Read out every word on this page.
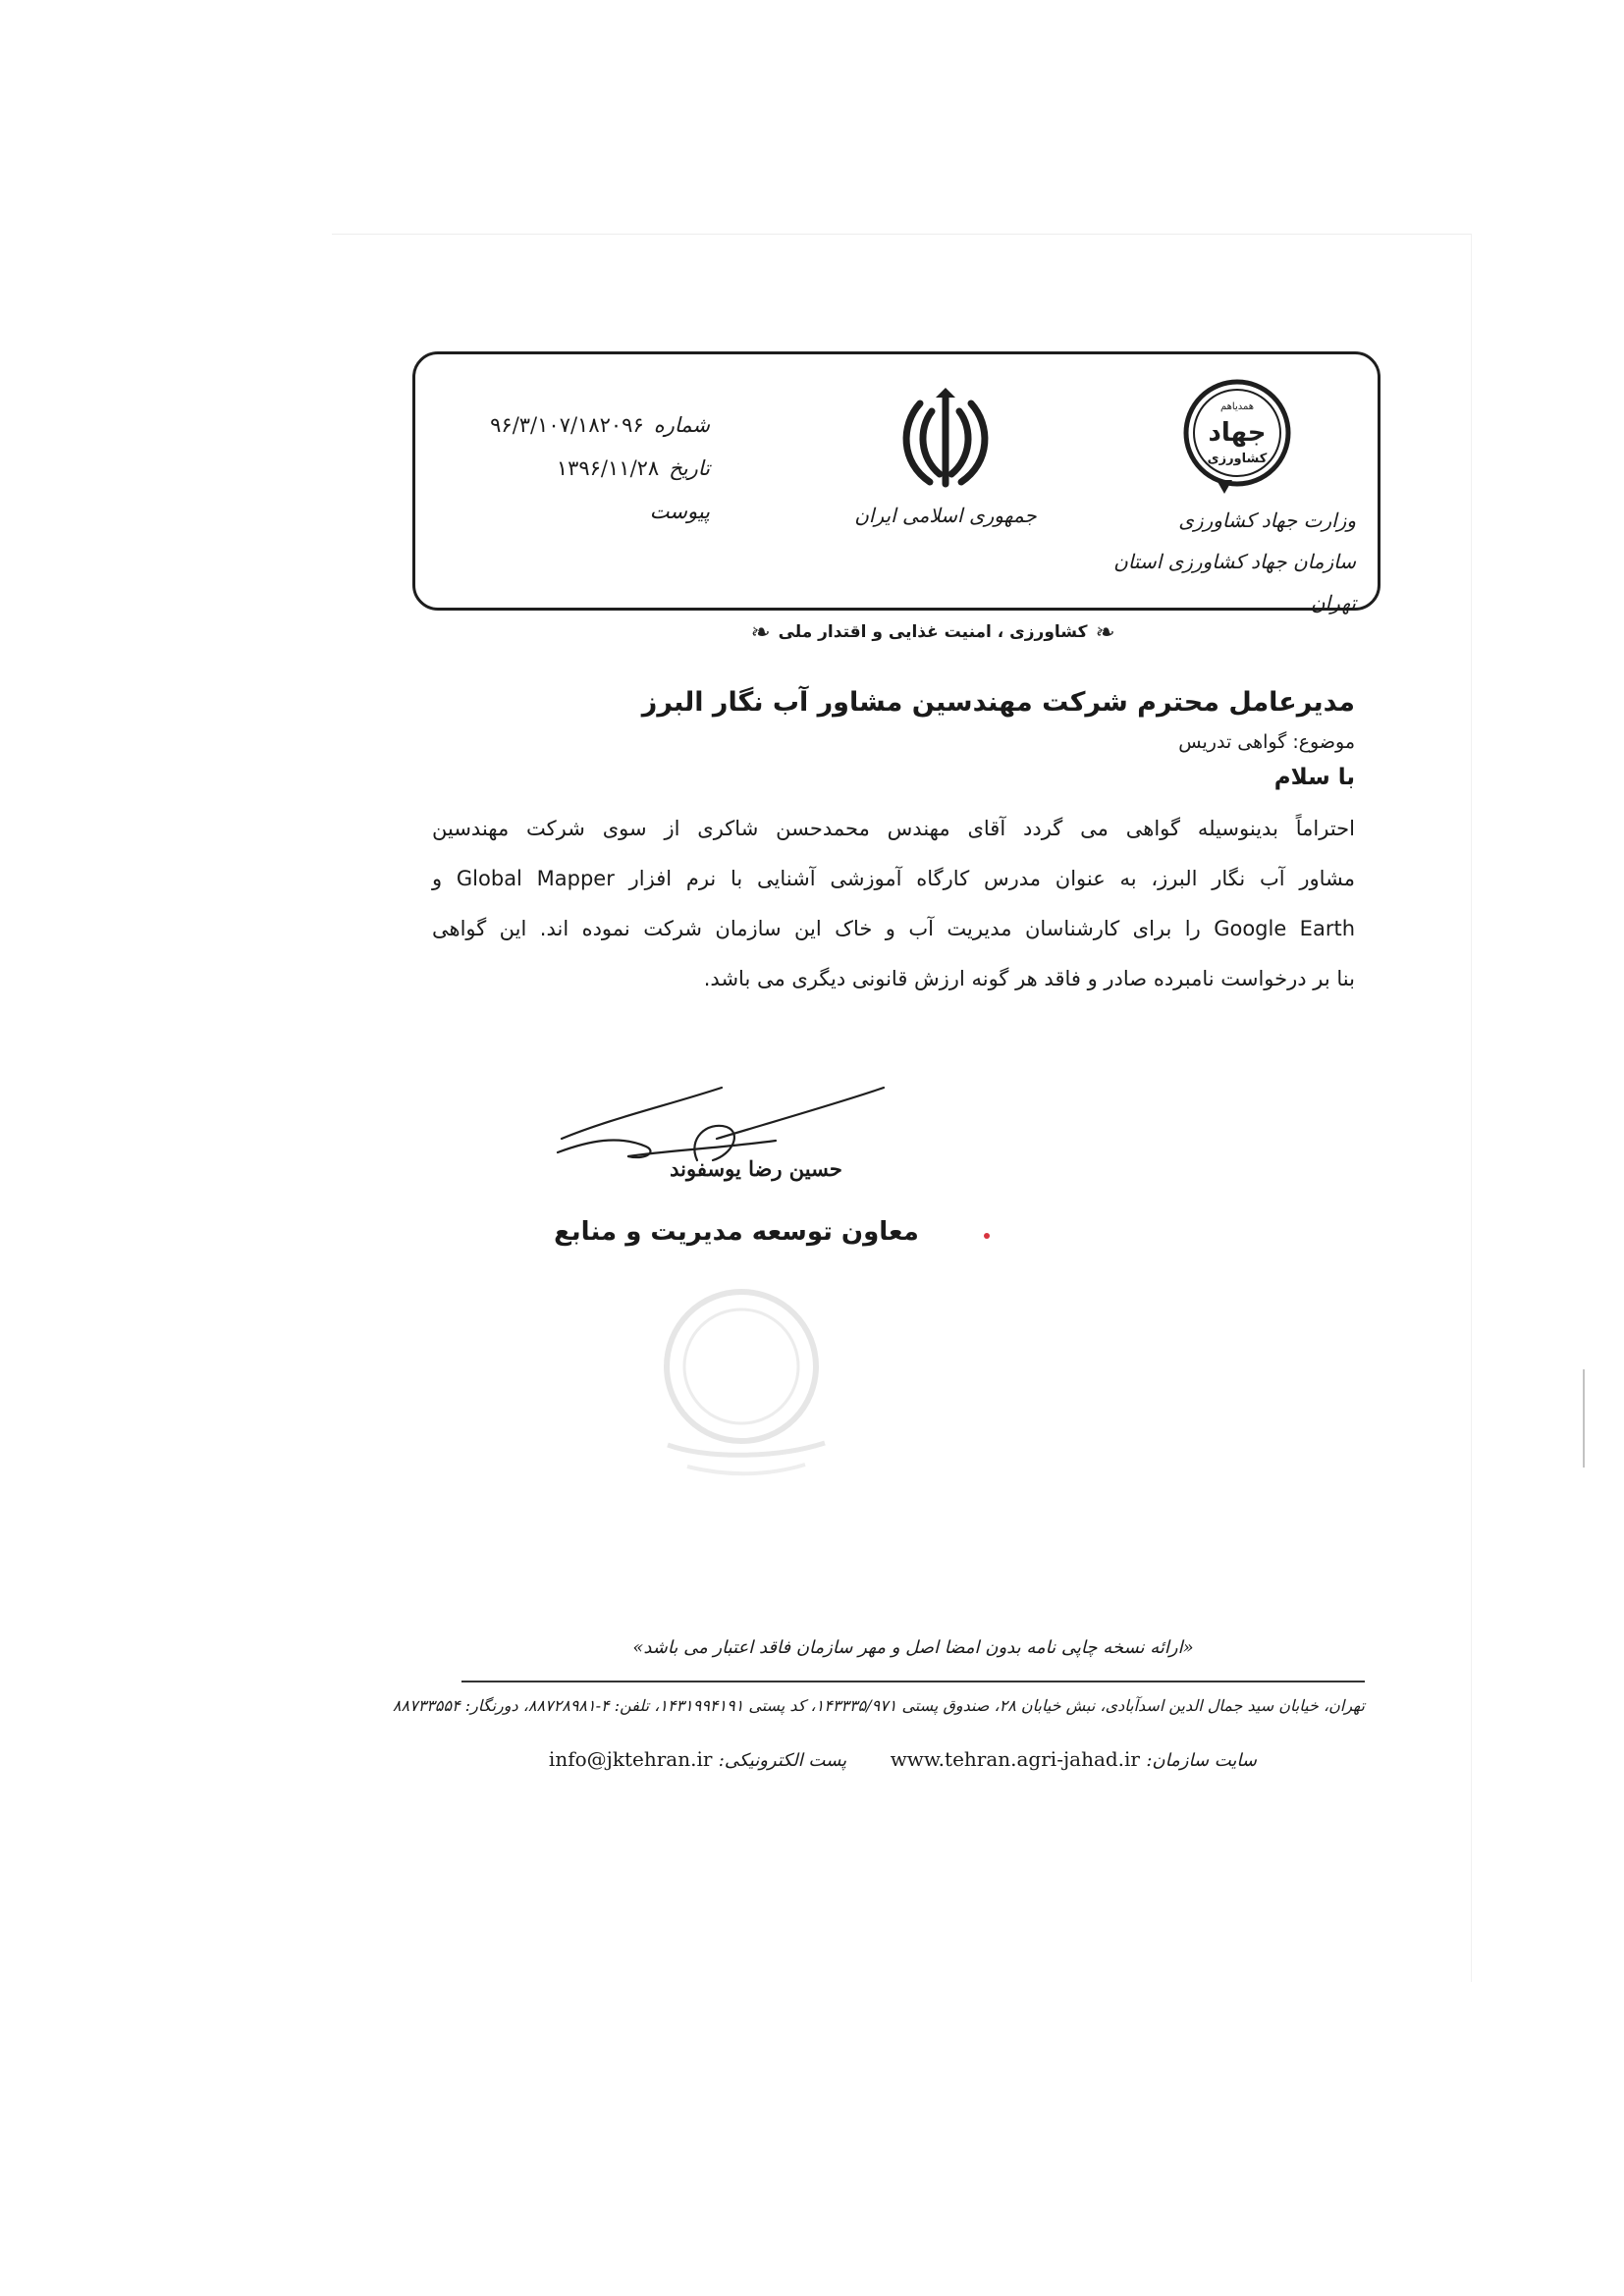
شماره
۹۶/۳/۱۰۷/۱۸۲۰۹۶
تاریخ
۱۳۹۶/۱۱/۲۸
پیوست	جمهوری اسلامی ایران
همدیاهم
جهاد
کشاورزی
وزارت جهاد کشاورزی
سازمان جهاد کشاورزی استان تهران
❧
کشاورزی ، امنیت غذایی و اقتدار ملی
❧
مدیرعامل محترم شرکت مهندسین مشاور آب نگار البرز
موضوع: گواهی تدریس
با سلام
احتراماً بدینوسیله گواهی می گردد آقای مهندس محمدحسن شاکری از سوی شرکت مهندسین
مشاور آب نگار البرز، به عنوان مدرس کارگاه آموزشی آشنایی با نرم افزار Global Mapper و
Google Earth را برای کارشناسان مدیریت آب و خاک این سازمان شرکت نموده اند. این گواهی
بنا بر درخواست نامبرده صادر و فاقد هر گونه ارزش قانونی دیگری می باشد.
حسین رضا یوسفوند
معاون توسعه مدیریت و منابع
«ارائه نسخه چاپی نامه بدون امضا اصل و مهر سازمان فاقد اعتبار می باشد»
تهران، خیابان سید جمال الدین اسدآبادی، نبش خیابان ۲۸، صندوق پستی ۱۴۳۳۳۵/۹۷۱، کد پستی ۱۴۳۱۹۹۴۱۹۱، تلفن: ۴-۸۸۷۲۸۹۸۱، دورنگار: ۸۸۷۳۳۵۵۴
سایت سازمان: www.tehran.agri-jahad.ir       پست الکترونیکی: info@jktehran.ir
